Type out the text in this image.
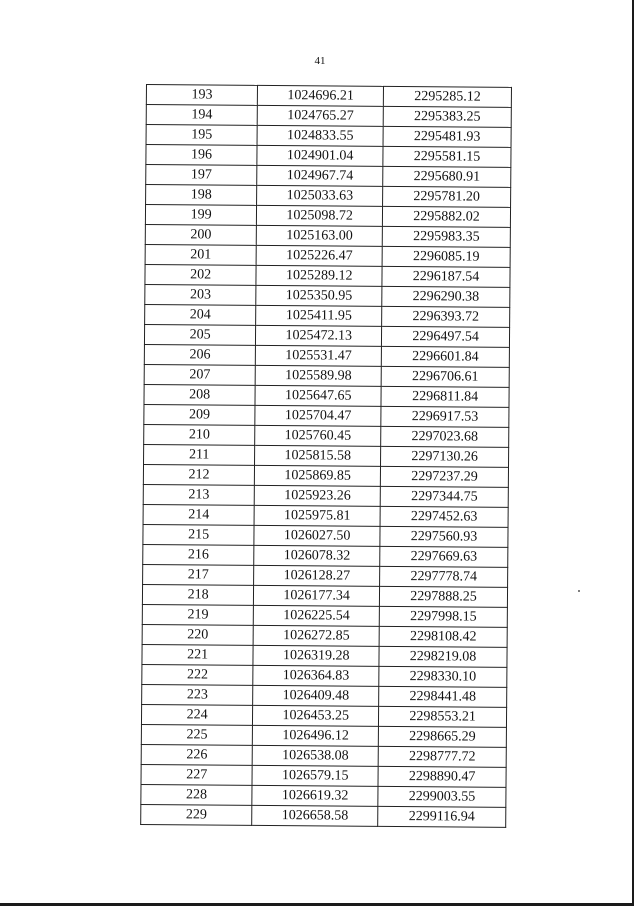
41
193	1024696.21	2295285.12
194	1024765.27	2295383.25
195	1024833.55	2295481.93
196	1024901.04	2295581.15
197	1024967.74	2295680.91
198	1025033.63	2295781.20
199	1025098.72	2295882.02
200	1025163.00	2295983.35
201	1025226.47	2296085.19
202	1025289.12	2296187.54
203	1025350.95	2296290.38
204	1025411.95	2296393.72
205	1025472.13	2296497.54
206	1025531.47	2296601.84
207	1025589.98	2296706.61
208	1025647.65	2296811.84
209	1025704.47	2296917.53
210	1025760.45	2297023.68
211	1025815.58	2297130.26
212	1025869.85	2297237.29
213	1025923.26	2297344.75
214	1025975.81	2297452.63
215	1026027.50	2297560.93
216	1026078.32	2297669.63
217	1026128.27	2297778.74
218	1026177.34	2297888.25
219	1026225.54	2297998.15
220	1026272.85	2298108.42
221	1026319.28	2298219.08
222	1026364.83	2298330.10
223	1026409.48	2298441.48
224	1026453.25	2298553.21
225	1026496.12	2298665.29
226	1026538.08	2298777.72
227	1026579.15	2298890.47
228	1026619.32	2299003.55
229	1026658.58	2299116.94
